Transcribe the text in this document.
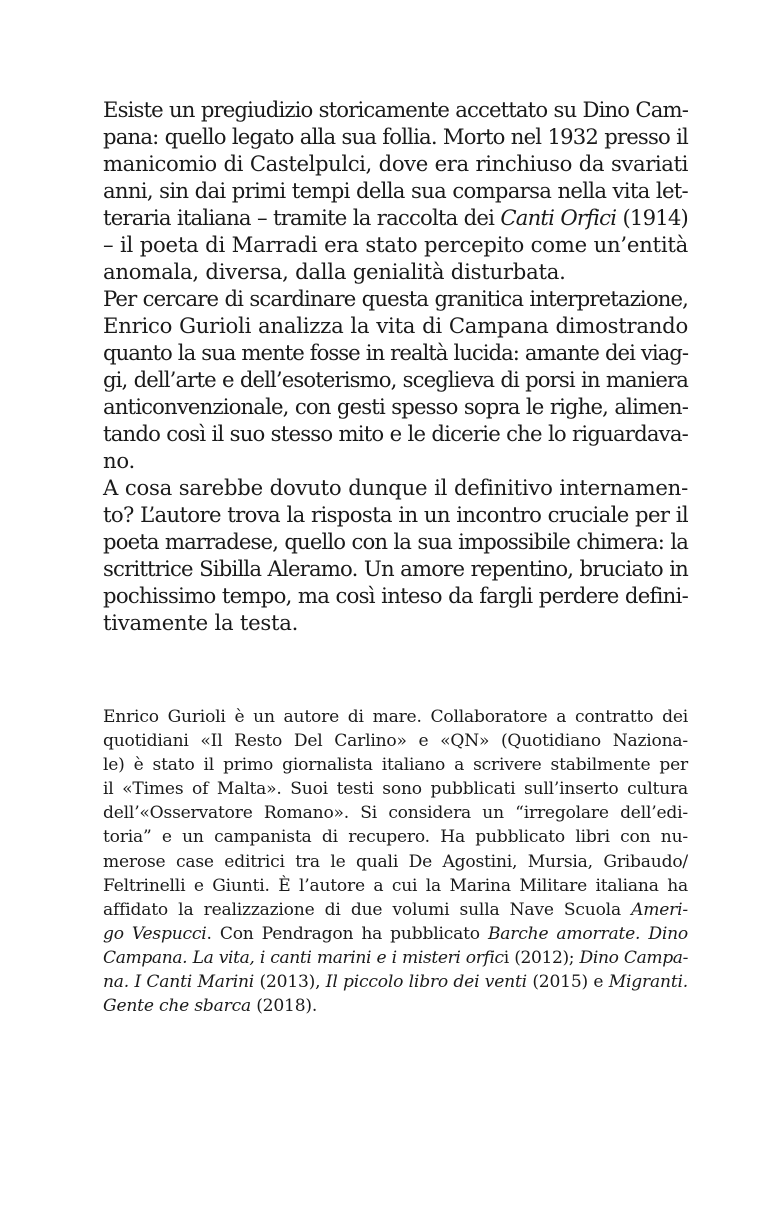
Esiste un pregiudizio storicamente accettato su Dino Cam-
pana: quello legato alla sua follia. Morto nel 1932 presso il
manicomio di Castelpulci, dove era rinchiuso da svariati
anni, sin dai primi tempi della sua comparsa nella vita let-
teraria italiana – tramite la raccolta dei Canti Orfici (1914)
– il poeta di Marradi era stato percepito come un’entità
anomala, diversa, dalla genialità disturbata.
Per cercare di scardinare questa granitica interpretazione,
Enrico Gurioli analizza la vita di Campana dimostrando
quanto la sua mente fosse in realtà lucida: amante dei viag-
gi, dell’arte e dell’esoterismo, sceglieva di porsi in maniera
anticonvenzionale, con gesti spesso sopra le righe, alimen-
tando così il suo stesso mito e le dicerie che lo riguardava-
no.
A cosa sarebbe dovuto dunque il definitivo internamen-
to? L’autore trova la risposta in un incontro cruciale per il
poeta marradese, quello con la sua impossibile chimera: la
scrittrice Sibilla Aleramo. Un amore repentino, bruciato in
pochissimo tempo, ma così inteso da fargli perdere defini-
tivamente la testa.
Enrico Gurioli è un autore di mare. Collaboratore a contratto dei
quotidiani «Il Resto Del Carlino» e «QN» (Quotidiano Naziona-
le) è stato il primo giornalista italiano a scrivere stabilmente per
il «Times of Malta». Suoi testi sono pubblicati sull’inserto cultura
dell’«Osservatore Romano». Si considera un “irregolare dell’edi-
toria” e un campanista di recupero. Ha pubblicato libri con nu-
merose case editrici tra le quali De Agostini, Mursia, Gribaudo/
Feltrinelli e Giunti. È l’autore a cui la Marina Militare italiana ha
affidato la realizzazione di due volumi sulla Nave Scuola Ameri-
go Vespucci. Con Pendragon ha pubblicato Barche amorrate. Dino
Campana. La vita, i canti marini e i misteri orfici (2012); Dino Campa-
na. I Canti Marini (2013), Il piccolo libro dei venti (2015) e Migranti.
Gente che sbarca (2018).
